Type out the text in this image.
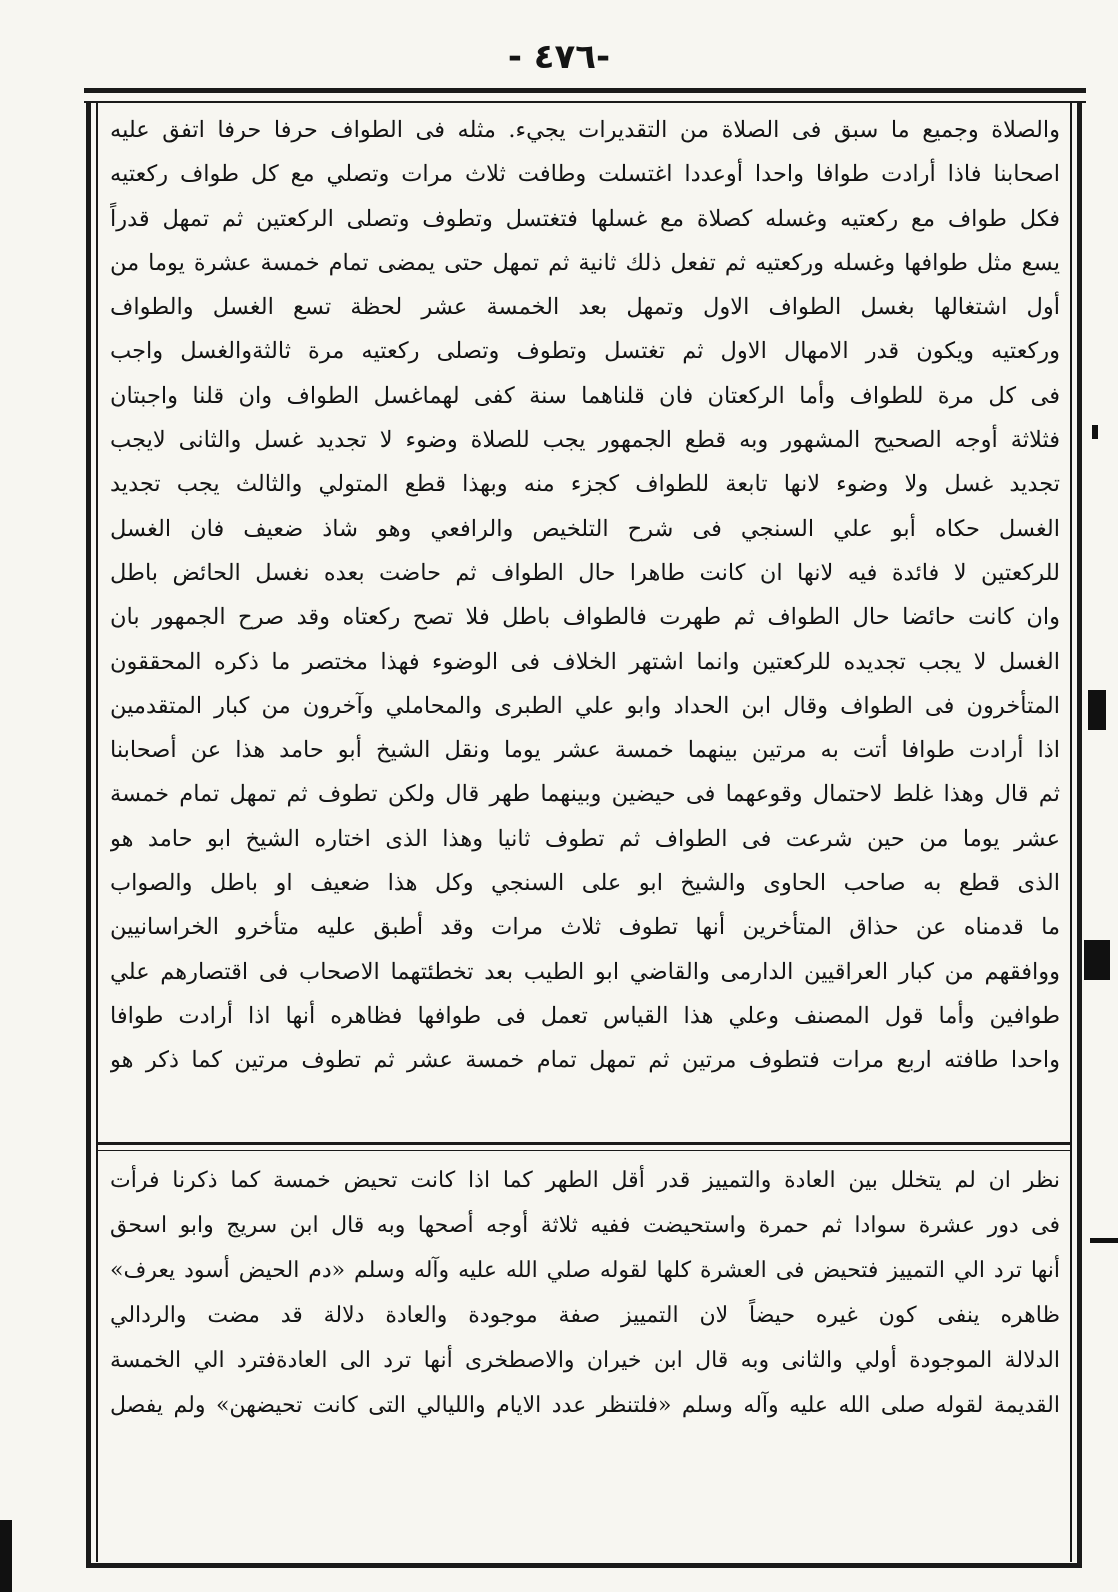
- ٤٧٦-
والصلاة وجميع ما سبق فى الصلاة من التقديرات يجيء. مثله فى الطواف حرفا حرفا اتفق عليه
اصحابنا فاذا أرادت طوافا واحدا أوعددا اغتسلت وطافت ثلاث مرات وتصلي مع كل طواف ركعتيه
فكل طواف مع ركعتيه وغسله كصلاة مع غسلها فتغتسل وتطوف وتصلى الركعتين ثم تمهل قدراً
يسع مثل طوافها وغسله وركعتيه ثم تفعل ذلك ثانية ثم تمهل حتى يمضى تمام خمسة عشرة يوما من
أول اشتغالها بغسل الطواف الاول وتمهل بعد الخمسة عشر لحظة تسع الغسل والطواف
وركعتيه ويكون قدر الامهال الاول ثم تغتسل وتطوف وتصلى ركعتيه مرة ثالثةوالغسل واجب
فى كل مرة للطواف وأما الركعتان فان قلناهما سنة كفى لهماغسل الطواف وان قلنا واجبتان
فثلاثة أوجه الصحيح المشهور وبه قطع الجمهور يجب للصلاة وضوء لا تجديد غسل والثانى لايجب
تجديد غسل ولا وضوء لانها تابعة للطواف كجزء منه وبهذا قطع المتولي والثالث يجب تجديد
الغسل حكاه أبو علي السنجي فى شرح التلخيص والرافعي وهو شاذ ضعيف فان الغسل
للركعتين لا فائدة فيه لانها ان كانت طاهرا حال الطواف ثم حاضت بعده نغسل الحائض باطل
وان كانت حائضا حال الطواف ثم طهرت فالطواف باطل فلا تصح ركعتاه وقد صرح الجمهور بان
الغسل لا يجب تجديده للركعتين وانما اشتهر الخلاف فى الوضوء فهذا مختصر ما ذكره المحققون
المتأخرون فى الطواف وقال ابن الحداد وابو علي الطبرى والمحاملي وآخرون من كبار المتقدمين
اذا أرادت طوافا أتت به مرتين بينهما خمسة عشر يوما ونقل الشيخ أبو حامد هذا عن أصحابنا
ثم قال وهذا غلط لاحتمال وقوعهما فى حيضين وبينهما طهر قال ولكن تطوف ثم تمهل تمام خمسة
عشر يوما من حين شرعت فى الطواف ثم تطوف ثانيا وهذا الذى اختاره الشيخ ابو حامد هو
الذى قطع به صاحب الحاوى والشيخ ابو على السنجي وكل هذا ضعيف او باطل والصواب
ما قدمناه عن حذاق المتأخرين أنها تطوف ثلاث مرات وقد أطبق عليه متأخرو الخراسانيين
ووافقهم من كبار العراقيين الدارمى والقاضي ابو الطيب بعد تخطئتهما الاصحاب فى اقتصارهم علي
طوافين وأما قول المصنف وعلي هذا القياس تعمل فى طوافها فظاهره أنها اذا أرادت طوافا
واحدا طافته اربع مرات فتطوف مرتين ثم تمهل تمام خمسة عشر ثم تطوف مرتين كما ذكر هو
نظر ان لم يتخلل بين العادة والتمييز قدر أقل الطهر كما اذا كانت تحيض خمسة كما ذكرنا فرأت
فى دور عشرة سوادا ثم حمرة واستحيضت ففيه ثلاثة أوجه أصحها وبه قال ابن سريج وابو اسحق
أنها ترد الي التمييز فتحيض فى العشرة كلها لقوله صلي الله عليه وآله وسلم «دم الحيض أسود يعرف»
ظاهره ينفى كون غيره حيضاً لان التمييز صفة موجودة والعادة دلالة قد مضت والردالي
الدلالة الموجودة أولي والثانى وبه قال ابن خيران والاصطخرى أنها ترد الى العادةفترد الي الخمسة
القديمة لقوله صلى الله عليه وآله وسلم «فلتنظر عدد الايام والليالي التى كانت تحيضهن» ولم يفصل
